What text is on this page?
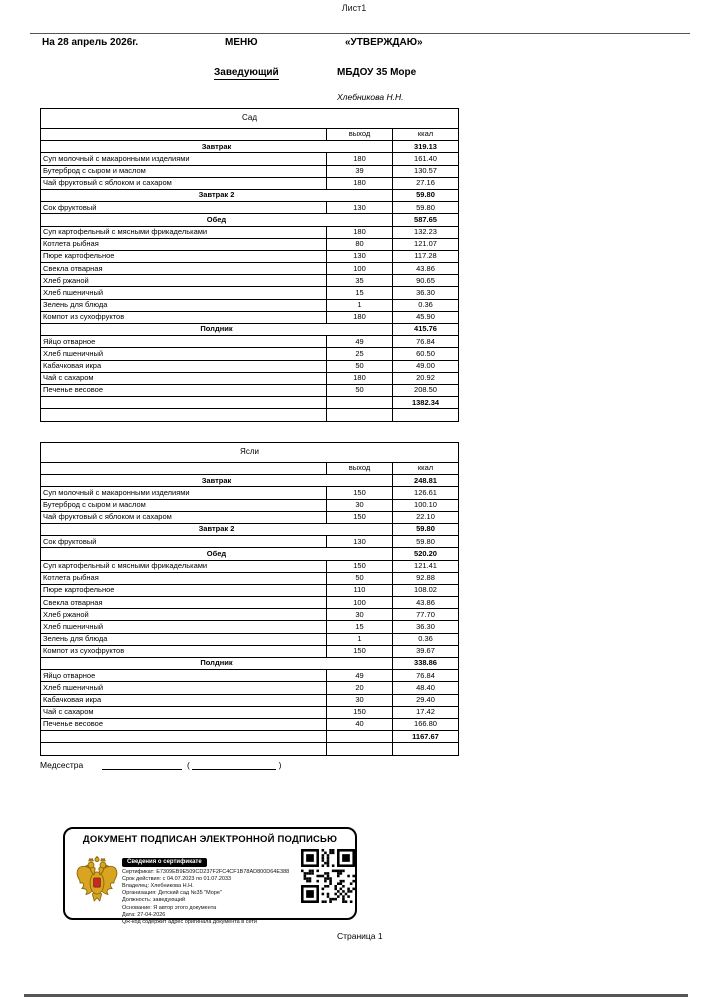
Лист1
На 28 апрель 2026г.	МЕНЮ	«УТВЕРЖДАЮ»
Заведующий	МБДОУ 35 Море
Хлебникова Н.Н.
Сад		
	выход	ккал
Завтрак		319.13
Суп молочный с макаронными изделиями	180	161.40
Бутерброд с сыром и маслом	39	130.57
Чай фруктовый с яблоком и сахаром	180	27.16
Завтрак 2		59.80
Сок фруктовый	130	59.80
Обед		587.65
Суп картофельный с мясными фрикадельками	180	132.23
Котлета рыбная	80	121.07
Пюре картофельное	130	117.28
Свекла отварная	100	43.86
Хлеб ржаной	35	90.65
Хлеб пшеничный	15	36.30
Зелень для блюда	1	0.36
Компот из сухофруктов	180	45.90
Полдник		415.76
Яйцо отварное	49	76.84
Хлеб пшеничный	25	60.50
Кабачковая икра	50	49.00
Чай с сахаром	180	20.92
Печенье весовое	50	208.50
		1382.34

Ясли		
	выход	ккал
Завтрак		248.81
Суп молочный с макаронными изделиями	150	126.61
Бутерброд с сыром и маслом	30	100.10
Чай фруктовый с яблоком и сахаром	150	22.10
Завтрак 2		59.80
Сок фруктовый	130	59.80
Обед		520.20
Суп картофельный с мясными фрикадельками	150	121.41
Котлета рыбная	50	92.88
Пюре картофельное	110	108.02
Свекла отварная	100	43.86
Хлеб ржаной	30	77.70
Хлеб пшеничный	15	36.30
Зелень для блюда	1	0.36
Компот из сухофруктов	150	39.67
Полдник		338.86
Яйцо отварное	49	76.84
Хлеб пшеничный	20	48.40
Кабачковая икра	30	29.40
Чай с сахаром	150	17.42
Печенье весовое	40	166.80
		1167.67

Медсестра	(	)
ДОКУМЕНТ ПОДПИСАН ЭЛЕКТРОННОЙ ПОДПИСЬЮ
Сведения о сертификате
Сертификат: E7309EB9E509CD237F2FC4CF1B78AD800D64E388
Срок действия: с 04.07.2023 по 01.07.2033
Владелец: Хлебникова Н.Н.
Организация: Детский сад №35 "Море"
Должность: заведующий
Основание: Я автор этого документа
Дата: 27-04-2026
QR-код содержит адрес оригинала документа в сети
Страница 1
